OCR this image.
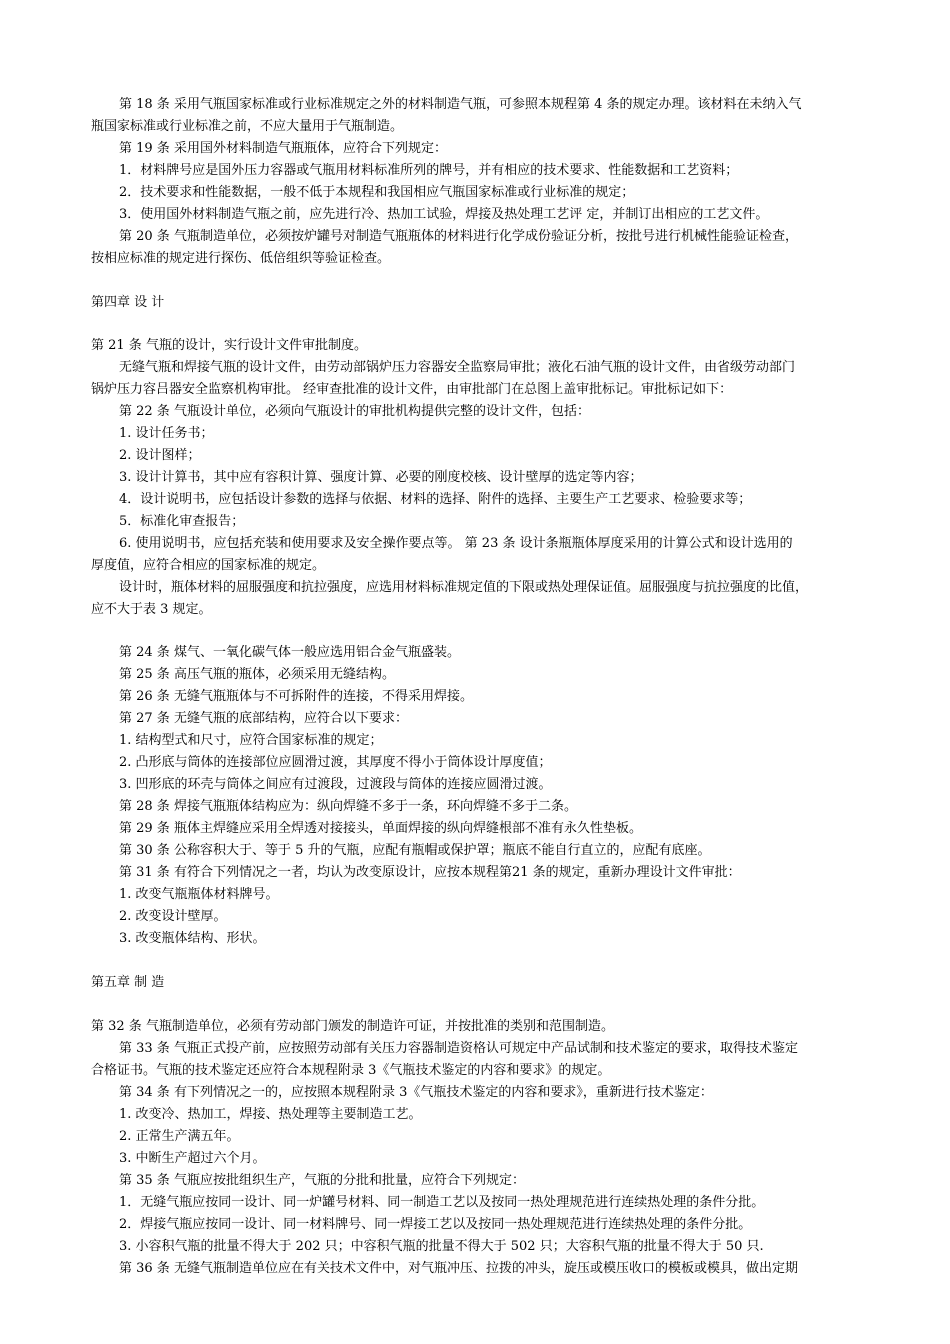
第 18 条 采用气瓶国家标准或行业标准规定之外的材料制造气瓶，可参照本规程第 4 条的规定办理。该材料在未纳入气
瓶国家标准或行业标准之前，不应大量用于气瓶制造。
第 19 条 采用国外材料制造气瓶瓶体，应符合下列规定：
1．材料牌号应是国外压力容器或气瓶用材料标准所列的牌号，并有相应的技术要求、性能数据和工艺资料；
2．技术要求和性能数据，一般不低于本规程和我国相应气瓶国家标准或行业标准的规定；
3．使用国外材料制造气瓶之前，应先进行冷、热加工试验，焊接及热处理工艺评 定，并制订出相应的工艺文件。
第 20 条 气瓶制造单位，必须按炉罐号对制造气瓶瓶体的材料进行化学成份验证分析，按批号进行机械性能验证检查，
按相应标准的规定进行探伤、低倍组织等验证检查。
第四章 设 计
第 21 条 气瓶的设计，实行设计文件审批制度。
无缝气瓶和焊接气瓶的设计文件，由劳动部锅炉压力容器安全监察局审批；液化石油气瓶的设计文件，由省级劳动部门
锅炉压力容吕器安全监察机构审批。 经审查批准的设计文件，由审批部门在总图上盖审批标记。审批标记如下：
第 22 条 气瓶设计单位，必须向气瓶设计的审批机构提供完整的设计文件，包括：
1. 设计任务书；
2. 设计图样；
3. 设计计算书，其中应有容积计算、强度计算、必要的刚度校核、设计壁厚的选定等内容；
4．设计说明书，应包括设计参数的选择与依据、材料的选择、附件的选择、主要生产工艺要求、检验要求等；
5．标准化审查报告；
6. 使用说明书，应包括充装和使用要求及安全操作要点等。 第 23 条 设计条瓶瓶体厚度采用的计算公式和设计选用的
厚度值，应符合相应的国家标准的规定。
设计时，瓶体材料的屈服强度和抗拉强度，应选用材料标准规定值的下限或热处理保证值。屈服强度与抗拉强度的比值，
应不大于表 3 规定。
第 24 条 煤气、一氧化碳气体一般应选用铝合金气瓶盛装。
第 25 条 高压气瓶的瓶体，必须采用无缝结构。
第 26 条 无缝气瓶瓶体与不可拆附件的连接，不得采用焊接。
第 27 条 无缝气瓶的底部结构，应符合以下要求：
1. 结构型式和尺寸，应符合国家标准的规定；
2. 凸形底与筒体的连接部位应圆滑过渡，其厚度不得小于筒体设计厚度值；
3. 凹形底的环壳与筒体之间应有过渡段，过渡段与筒体的连接应圆滑过渡。
第 28 条 焊接气瓶瓶体结构应为：纵向焊缝不多于一条，环向焊缝不多于二条。
第 29 条 瓶体主焊缝应采用全焊透对接接头，单面焊接的纵向焊缝根部不准有永久性垫板。
第 30 条 公称容积大于、等于 5 升的气瓶，应配有瓶帽或保护罩；瓶底不能自行直立的，应配有底座。
第 31 条 有符合下列情况之一者，均认为改变原设计，应按本规程第21 条的规定，重新办理设计文件审批：
1. 改变气瓶瓶体材料牌号。
2. 改变设计壁厚。
3. 改变瓶体结构、形状。
第五章 制 造
第 32 条 气瓶制造单位，必须有劳动部门颁发的制造许可证，并按批准的类别和范围制造。
第 33 条 气瓶正式投产前，应按照劳动部有关压力容器制造资格认可规定中产品试制和技术鉴定的要求，取得技术鉴定
合格证书。气瓶的技术鉴定还应符合本规程附录 3《气瓶技术鉴定的内容和要求》的规定。
第 34 条 有下列情况之一的，应按照本规程附录 3《气瓶技术鉴定的内容和要求》，重新进行技术鉴定：
1. 改变冷、热加工，焊接、热处理等主要制造工艺。
2. 正常生产满五年。
3. 中断生产超过六个月。
第 35 条 气瓶应按批组织生产，气瓶的分批和批量，应符合下列规定：
1．无缝气瓶应按同一设计、同一炉罐号材料、同一制造工艺以及按同一热处理规范进行连续热处理的条件分批。
2．焊接气瓶应按同一设计、同一材料牌号、同一焊接工艺以及按同一热处理规范进行连续热处理的条件分批。
3. 小容积气瓶的批量不得大于 202 只；中容积气瓶的批量不得大于 502 只；大容积气瓶的批量不得大于 50 只.
第 36 条 无缝气瓶制造单位应在有关技术文件中，对气瓶冲压、拉拨的冲头，旋压或模压收口的模板或模具，做出定期
